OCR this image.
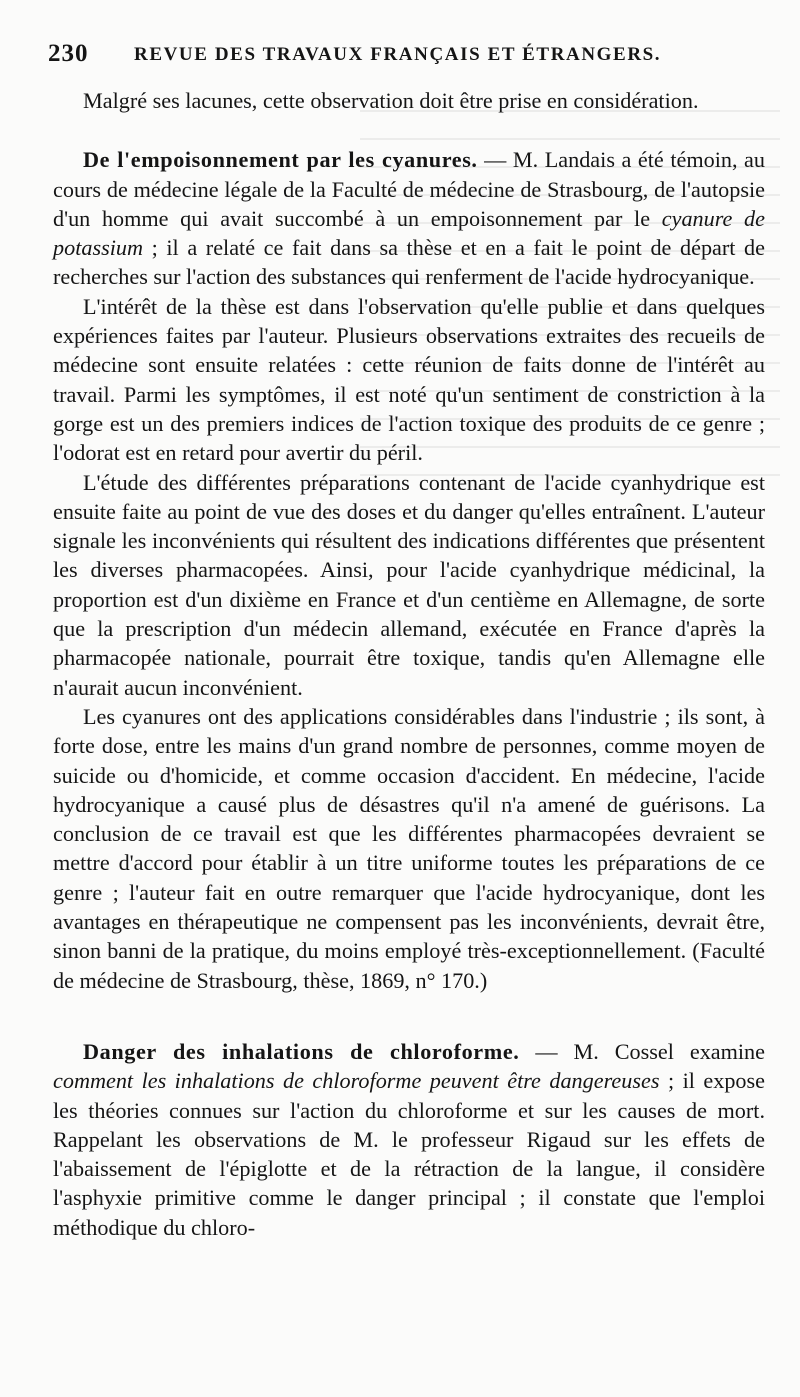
230 REVUE DES TRAVAUX FRANÇAIS ET ÉTRANGERS.

Malgré ses lacunes, cette observation doit être prise en considération.

De l'empoisonnement par les cyanures. — M. Landais a été témoin, au cours de médecine légale de la Faculté de médecine de Strasbourg, de l'autopsie d'un homme qui avait succombé à un empoisonnement par le cyanure de potassium ; il a relaté ce fait dans sa thèse et en a fait le point de départ de recherches sur l'action des substances qui renferment de l'acide hydrocyanique.

L'intérêt de la thèse est dans l'observation qu'elle publie et dans quelques expériences faites par l'auteur. Plusieurs observations extraites des recueils de médecine sont ensuite relatées : cette réunion de faits donne de l'intérêt au travail. Parmi les symptômes, il est noté qu'un sentiment de constriction à la gorge est un des premiers indices de l'action toxique des produits de ce genre ; l'odorat est en retard pour avertir du péril.

L'étude des différentes préparations contenant de l'acide cyanhydrique est ensuite faite au point de vue des doses et du danger qu'elles entraînent. L'auteur signale les inconvénients qui résultent des indications différentes que présentent les diverses pharmacopées. Ainsi, pour l'acide cyanhydrique médicinal, la proportion est d'un dixième en France et d'un centième en Allemagne, de sorte que la prescription d'un médecin allemand, exécutée en France d'après la pharmacopée nationale, pourrait être toxique, tandis qu'en Allemagne elle n'aurait aucun inconvénient.

Les cyanures ont des applications considérables dans l'industrie ; ils sont, à forte dose, entre les mains d'un grand nombre de personnes, comme moyen de suicide ou d'homicide, et comme occasion d'accident. En médecine, l'acide hydrocyanique a causé plus de désastres qu'il n'a amené de guérisons. La conclusion de ce travail est que les différentes pharmacopées devraient se mettre d'accord pour établir à un titre uniforme toutes les préparations de ce genre ; l'auteur fait en outre remarquer que l'acide hydrocyanique, dont les avantages en thérapeutique ne compensent pas les inconvénients, devrait être, sinon banni de la pratique, du moins employé très-exceptionnellement. (Faculté de médecine de Strasbourg, thèse, 1869, n° 170.)

Danger des inhalations de chloroforme. — M. Cossel examine comment les inhalations de chloroforme peuvent être dangereuses ; il expose les théories connues sur l'action du chloroforme et sur les causes de mort. Rappelant les observations de M. le professeur Rigaud sur les effets de l'abaissement de l'épiglotte et de la rétraction de la langue, il considère l'asphyxie primitive comme le danger principal ; il constate que l'emploi méthodique du chloro-
